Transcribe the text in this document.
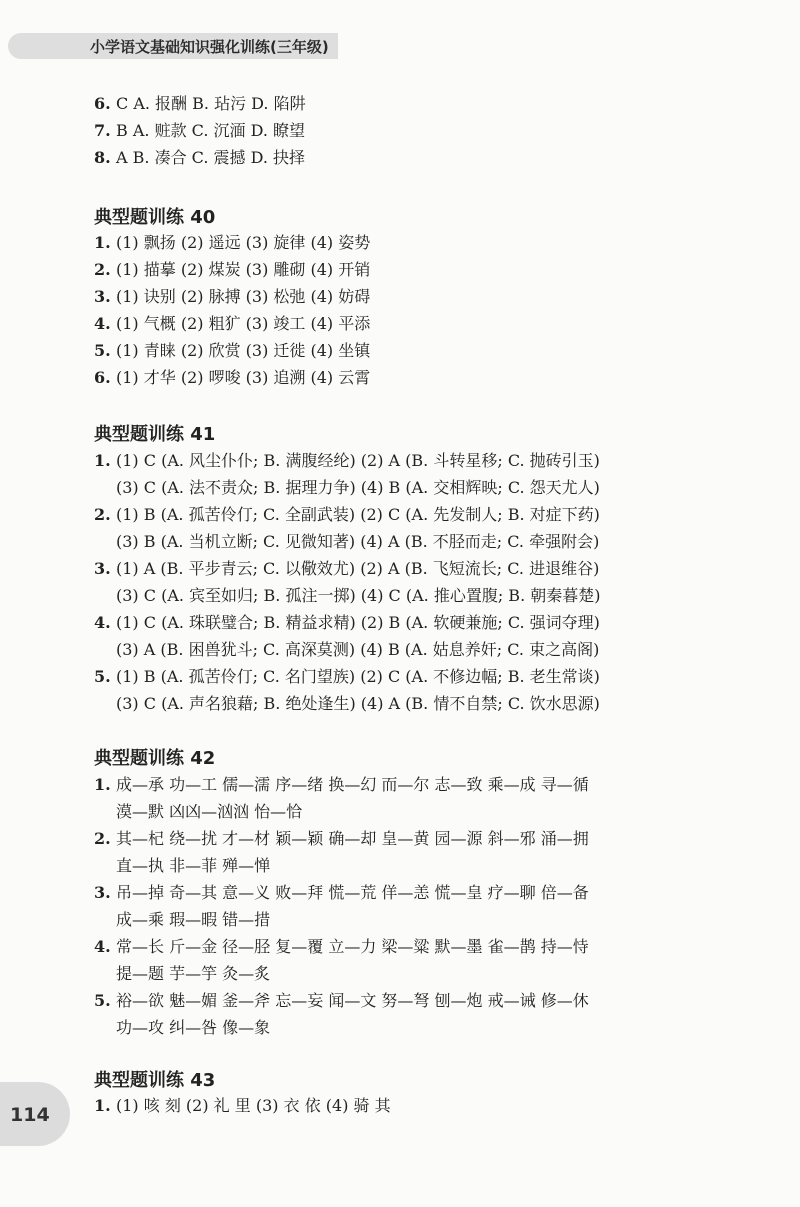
小学语文基础知识强化训练(三年级)
6. C A. 报酬 B. 玷污 D. 陷阱
7. B A. 赃款 C. 沉湎 D. 瞭望
8. A B. 凑合 C. 震撼 D. 抉择
典型题训练 40
1. (1) 飘扬 (2) 遥远 (3) 旋律 (4) 姿势
2. (1) 描摹 (2) 煤炭 (3) 雕砌 (4) 开销
3. (1) 诀别 (2) 脉搏 (3) 松弛 (4) 妨碍
4. (1) 气概 (2) 粗犷 (3) 竣工 (4) 平添
5. (1) 青睐 (2) 欣赏 (3) 迁徙 (4) 坐镇
6. (1) 才华 (2) 啰唆 (3) 追溯 (4) 云霄
典型题训练 41
1. (1) C (A. 风尘仆仆; B. 满腹经纶) (2) A (B. 斗转星移; C. 抛砖引玉)
(3) C (A. 法不责众; B. 据理力争) (4) B (A. 交相辉映; C. 怨天尤人)
2. (1) B (A. 孤苦伶仃; C. 全副武装) (2) C (A. 先发制人; B. 对症下药)
(3) B (A. 当机立断; C. 见微知著) (4) A (B. 不胫而走; C. 牵强附会)
3. (1) A (B. 平步青云; C. 以儆效尤) (2) A (B. 飞短流长; C. 进退维谷)
(3) C (A. 宾至如归; B. 孤注一掷) (4) C (A. 推心置腹; B. 朝秦暮楚)
4. (1) C (A. 珠联璧合; B. 精益求精) (2) B (A. 软硬兼施; C. 强词夺理)
(3) A (B. 困兽犹斗; C. 高深莫测) (4) B (A. 姑息养奸; C. 束之高阁)
5. (1) B (A. 孤苦伶仃; C. 名门望族) (2) C (A. 不修边幅; B. 老生常谈)
(3) C (A. 声名狼藉; B. 绝处逢生) (4) A (B. 情不自禁; C. 饮水思源)
典型题训练 42
1. 成—承 功—工 儒—濡 序—绪 换—幻 而—尔 志—致 乘—成 寻—循
漠—默 凶凶—汹汹 怡—恰
2. 其—杞 绕—扰 才—材 颖—颖 确—却 皇—黄 园—源 斜—邪 涌—拥
直—执 非—菲 殚—惮
3. 吊—掉 奇—其 意—义 败—拜 慌—荒 佯—恙 慌—皇 疗—聊 倍—备
成—乘 瑕—暇 错—措
4. 常—长 斤—金 径—胫 复—覆 立—力 梁—粱 默—墨 雀—鹊 持—恃
提—题 芋—竽 灸—炙
5. 裕—欲 魅—媚 釜—斧 忘—妄 闻—文 努—弩 刨—炮 戒—诫 修—休
功—攻 纠—咎 像—象
典型题训练 43
1. (1) 咳 刻 (2) 礼 里 (3) 衣 依 (4) 骑 其
114
